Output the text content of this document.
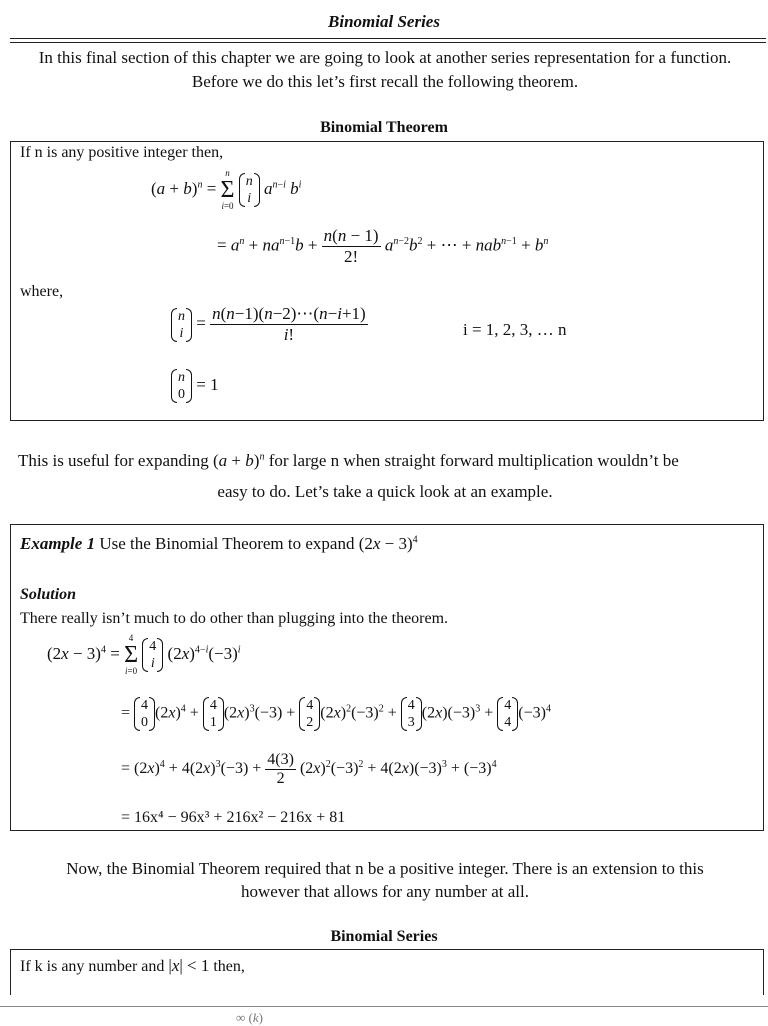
Binomial Series
In this final section of this chapter we are going to look at another series representation for a function. Before we do this let’s first recall the following theorem.
Binomial Theorem
If n is any positive integer then,
$(a + b)^n = n$
Σ
i=0 n
i $a^{n-i}$ $b^i$
= $a^n + na^{n-1}b + \frac{n(n - 1)}{2!} a^{n-2}b^2$ + ⋯ + $nab^{n-1} + b^n$
where,
n
$i = \frac{n(n-1)(n-2)\cdots(n-i+1)}{i!}$	i = 1, 2, 3, … n
n
0 = 1
This is useful for expanding $(a + b)^n$ for large n when straight forward multiplication wouldn’t be
easy to do. Let’s take a quick look at an example.
Example 1 Use the Binomial Theorem to expand $(2x - 3)^4$
Solution
There really isn’t much to do other than plugging into the theorem.
$(2x - 3)^4 = 4$
Σ
i=0 4
i $(2x)^{4-i}(-3)^i$
= 4
$0(2x)^4 + 4$
$1(2x)^3(-3) + 4$
$2(2x)^2(-3)^2 + 4$
$3(2x)(-3)^3 + 4$
$4(-3)^4$
= $(2x)^4 + 4(2x)^3(-3) + \frac{4(3)}{2} (2x)^2(-3)^2 + 4(2x)(-3)^3 + (-3)^4$
= 16x⁴ − 96x³ + 216x² − 216x + 81
Now, the Binomial Theorem required that n be a positive integer. There is an extension to this
however that allows for any number at all.
Binomial Series
If k is any number and |x| < 1 then,
∞ (k)
